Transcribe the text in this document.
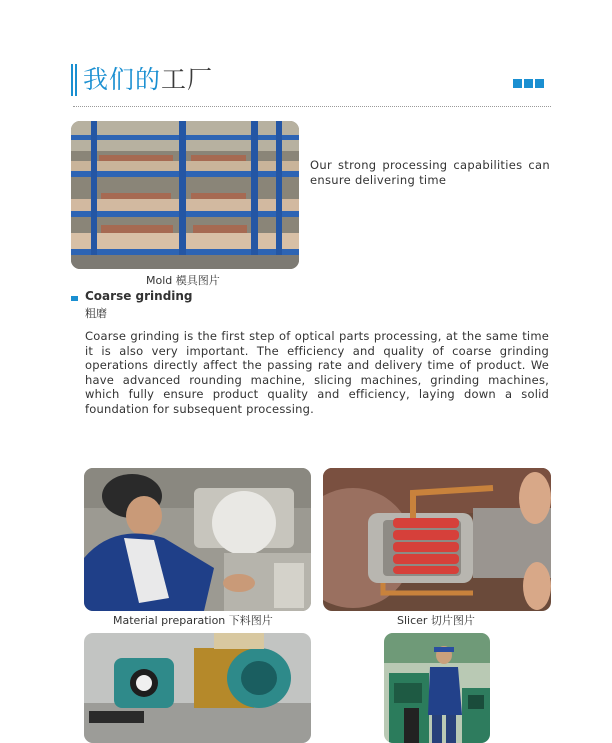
我们的工厂
Mold 模具图片
Our strong processing capabilities can ensure delivering time
Coarse grinding
粗磨
Coarse grinding is the first step of optical parts processing, at the same time it is also very important. The efficiency and quality of coarse grinding operations directly affect the passing rate and delivery time of product. We have advanced rounding machine, slicing machines, grinding machines, which fully ensure product quality and efficiency, laying down a solid foundation for subsequent processing.
Material preparation 下料图片	Slicer 切片图片
